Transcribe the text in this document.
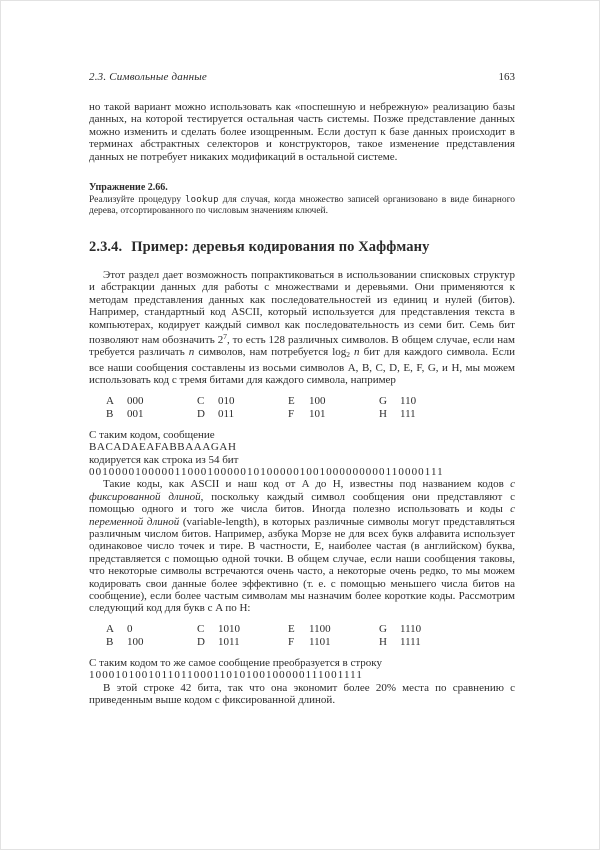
2.3. Символьные данные	163

но такой вариант можно использовать как «поспешную и небрежную» реализацию базы данных, на которой тестируется остальная часть системы. Позже представление данных можно изменить и сделать более изощренным. Если доступ к базе данных происходит в терминах абстрактных селекторов и конструкторов, такое изменение представления данных не потребует никаких модификаций в остальной системе.

Упражнение 2.66.

Реализуйте процедуру lookup для случая, когда множество записей организовано в виде бинарного дерева, отсортированного по числовым значениям ключей.

2.3.4. Пример: деревья кодирования по Хаффману

Этот раздел дает возможность попрактиковаться в использовании списковых структур и абстракции данных для работы с множествами и деревьями. Они применяются к методам представления данных как последовательностей из единиц и нулей (битов). Например, стандартный код ASCII, который используется для представления текста в компьютерах, кодирует каждый символ как последовательность из семи бит. Семь бит позволяют нам обозначить $2^7$, то есть 128 различных символов. В общем случае, если нам требуется различать n символов, нам потребуется log2 n бит для каждого символа. Если все наши сообщения составлены из восьми символов A, B, C, D, E, F, G, и H, мы можем использовать код с тремя битами для каждого символа, например

A 000	C 010	E 100	G 110
B 001	D 011	F 101	H 111

С таким кодом, сообщение

BACADAEAFABBAAAGAH

кодируется как строка из 54 бит

001000010000011000100000101000001001000000000110000111

Такие коды, как ASCII и наш код от A до H, известны под названием кодов с фиксированной длиной, поскольку каждый символ сообщения они представляют с помощью одного и того же числа битов. Иногда полезно использовать и коды с переменной длиной (variable-length), в которых различные символы могут представляться различным числом битов. Например, азбука Морзе не для всех букв алфавита использует одинаковое число точек и тире. В частности, E, наиболее частая (в английском) буква, представляется с помощью одной точки. В общем случае, если наши сообщения таковы, что некоторые символы встречаются очень часто, а некоторые очень редко, то мы можем кодировать свои данные более эффективно (т. е. с помощью меньшего числа битов на сообщение), если более частым символам мы назначим более короткие коды. Рассмотрим следующий код для букв с A по H:

A 0	C 1010	E 1100	G 1110
B 100	D 1011	F 1101	H 1111

С таким кодом то же самое сообщение преобразуется в строку

100010100101101100011010100100000111001111

В этой строке 42 бита, так что она экономит более 20% места по сравнению с приведенным выше кодом с фиксированной длиной.
